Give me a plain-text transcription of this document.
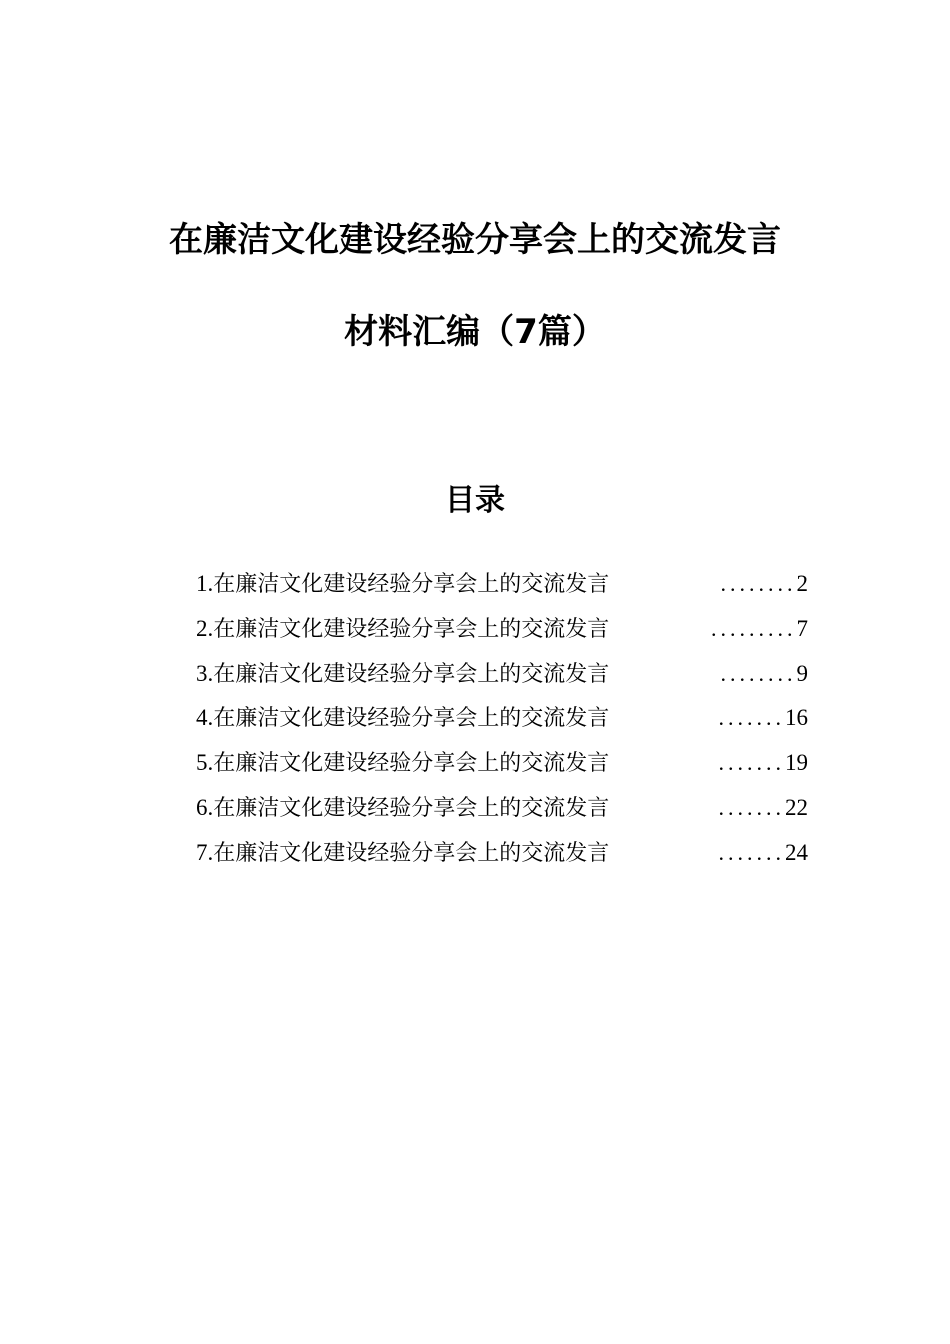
在廉洁文化建设经验分享会上的交流发言
材料汇编（7篇）
目录
1. 在廉洁文化建设经验分享会上的交流发言	........ 2
2. 在廉洁文化建设经验分享会上的交流发言	......... 7
3. 在廉洁文化建设经验分享会上的交流发言	........ 9
4. 在廉洁文化建设经验分享会上的交流发言	....... 16
5. 在廉洁文化建设经验分享会上的交流发言	....... 19
6. 在廉洁文化建设经验分享会上的交流发言	....... 22
7. 在廉洁文化建设经验分享会上的交流发言	....... 24
